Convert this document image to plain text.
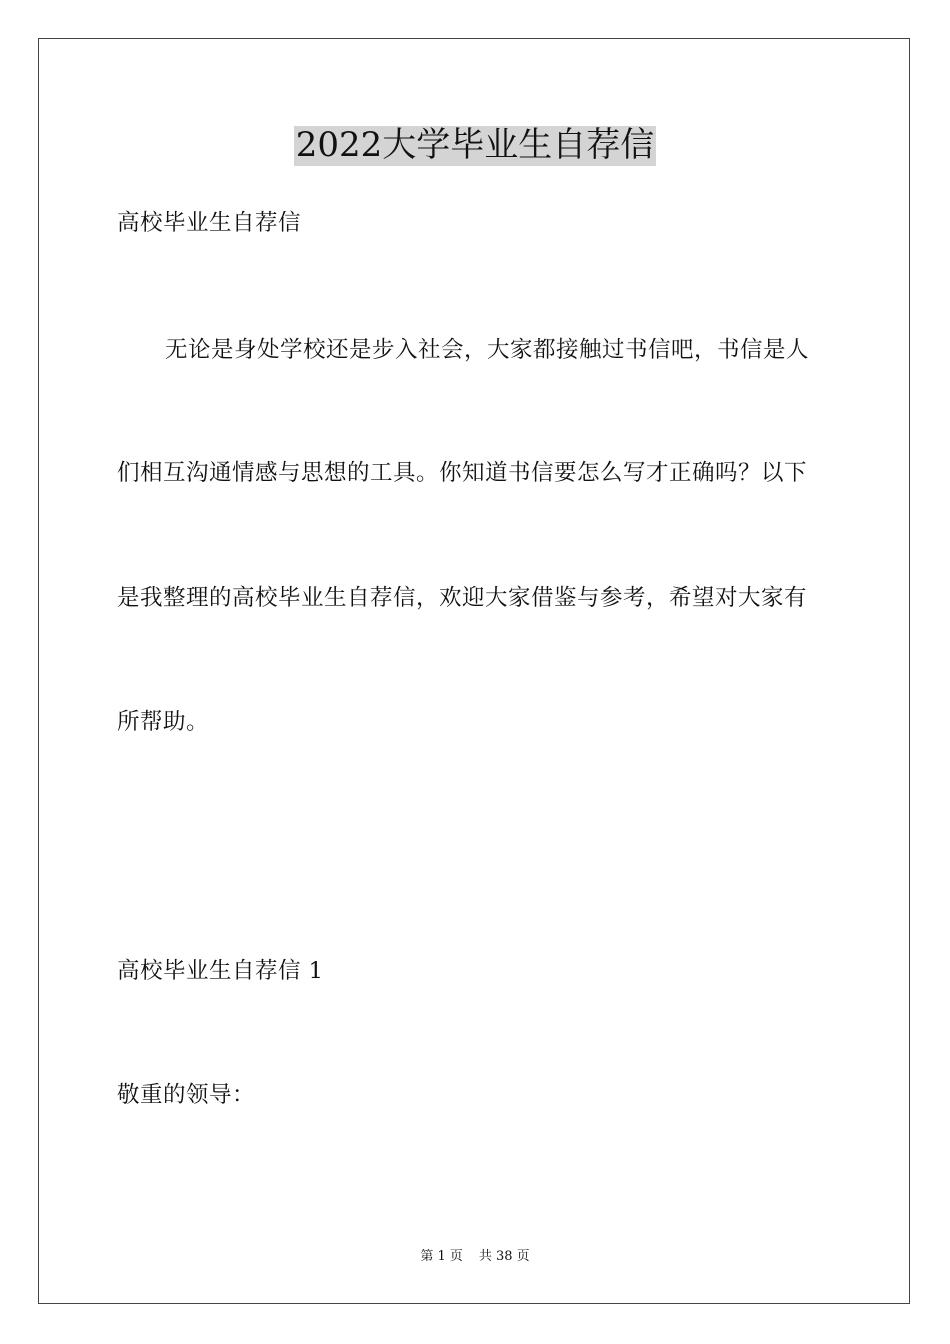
2022大学毕业生自荐信

高校毕业生自荐信

无论是身处学校还是步入社会，大家都接触过书信吧，书信是人

们相互沟通情感与思想的工具。你知道书信要怎么写才正确吗？以下

是我整理的高校毕业生自荐信，欢迎大家借鉴与参考，希望对大家有

所帮助。

高校毕业生自荐信 1

敬重的领导：

第 1 页 共 38 页
